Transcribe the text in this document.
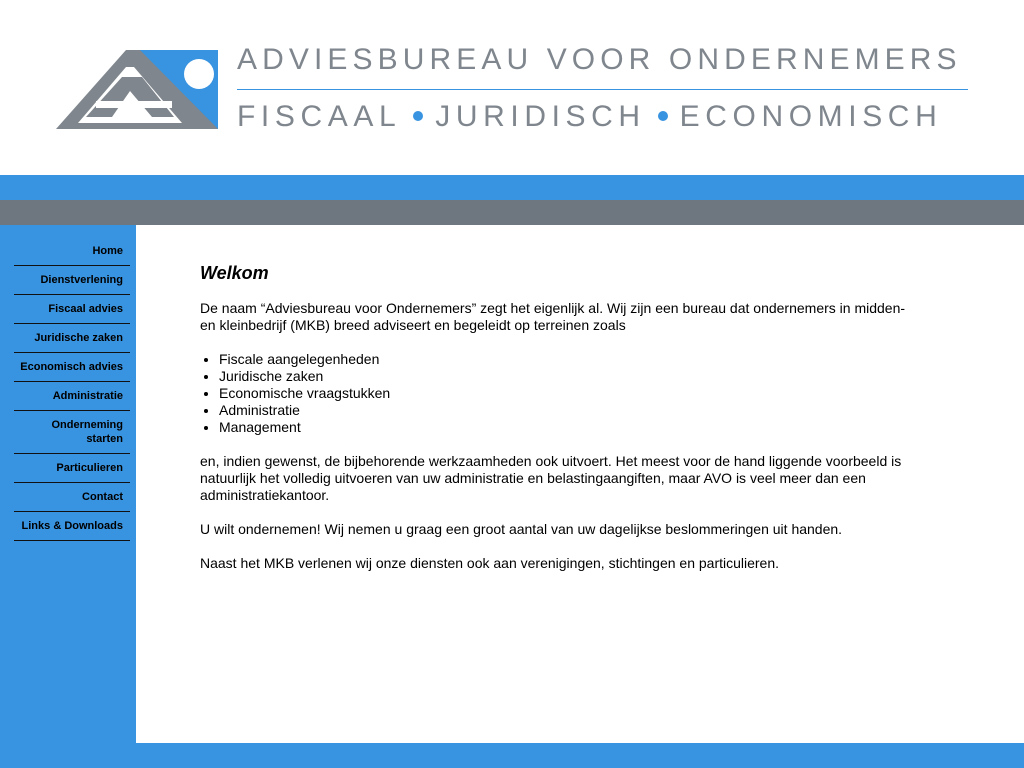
ADVIESBUREAU VOOR ONDERNEMERS
FISCAAL JURIDISCH ECONOMISCH
Home
Dienstverlening
Fiscaal advies
Juridische zaken
Economisch advies
Administratie
Onderneming starten
Particulieren
Contact
Links & Downloads
Welkom

De naam “Adviesbureau voor Ondernemers” zegt het eigenlijk al. Wij zijn een bureau dat ondernemers in midden- en kleinbedrijf (MKB) breed adviseert en begeleidt op terreinen zoals

• Fiscale aangelegenheden
• Juridische zaken
• Economische vraagstukken
• Administratie
• Management

en, indien gewenst, de bijbehorende werkzaamheden ook uitvoert. Het meest voor de hand liggende voorbeeld is natuurlijk het volledig uitvoeren van uw administratie en belastingaangiften, maar AVO is veel meer dan een administratiekantoor.

U wilt ondernemen! Wij nemen u graag een groot aantal van uw dagelijkse beslommeringen uit handen.

Naast het MKB verlenen wij onze diensten ook aan verenigingen, stichtingen en particulieren.
